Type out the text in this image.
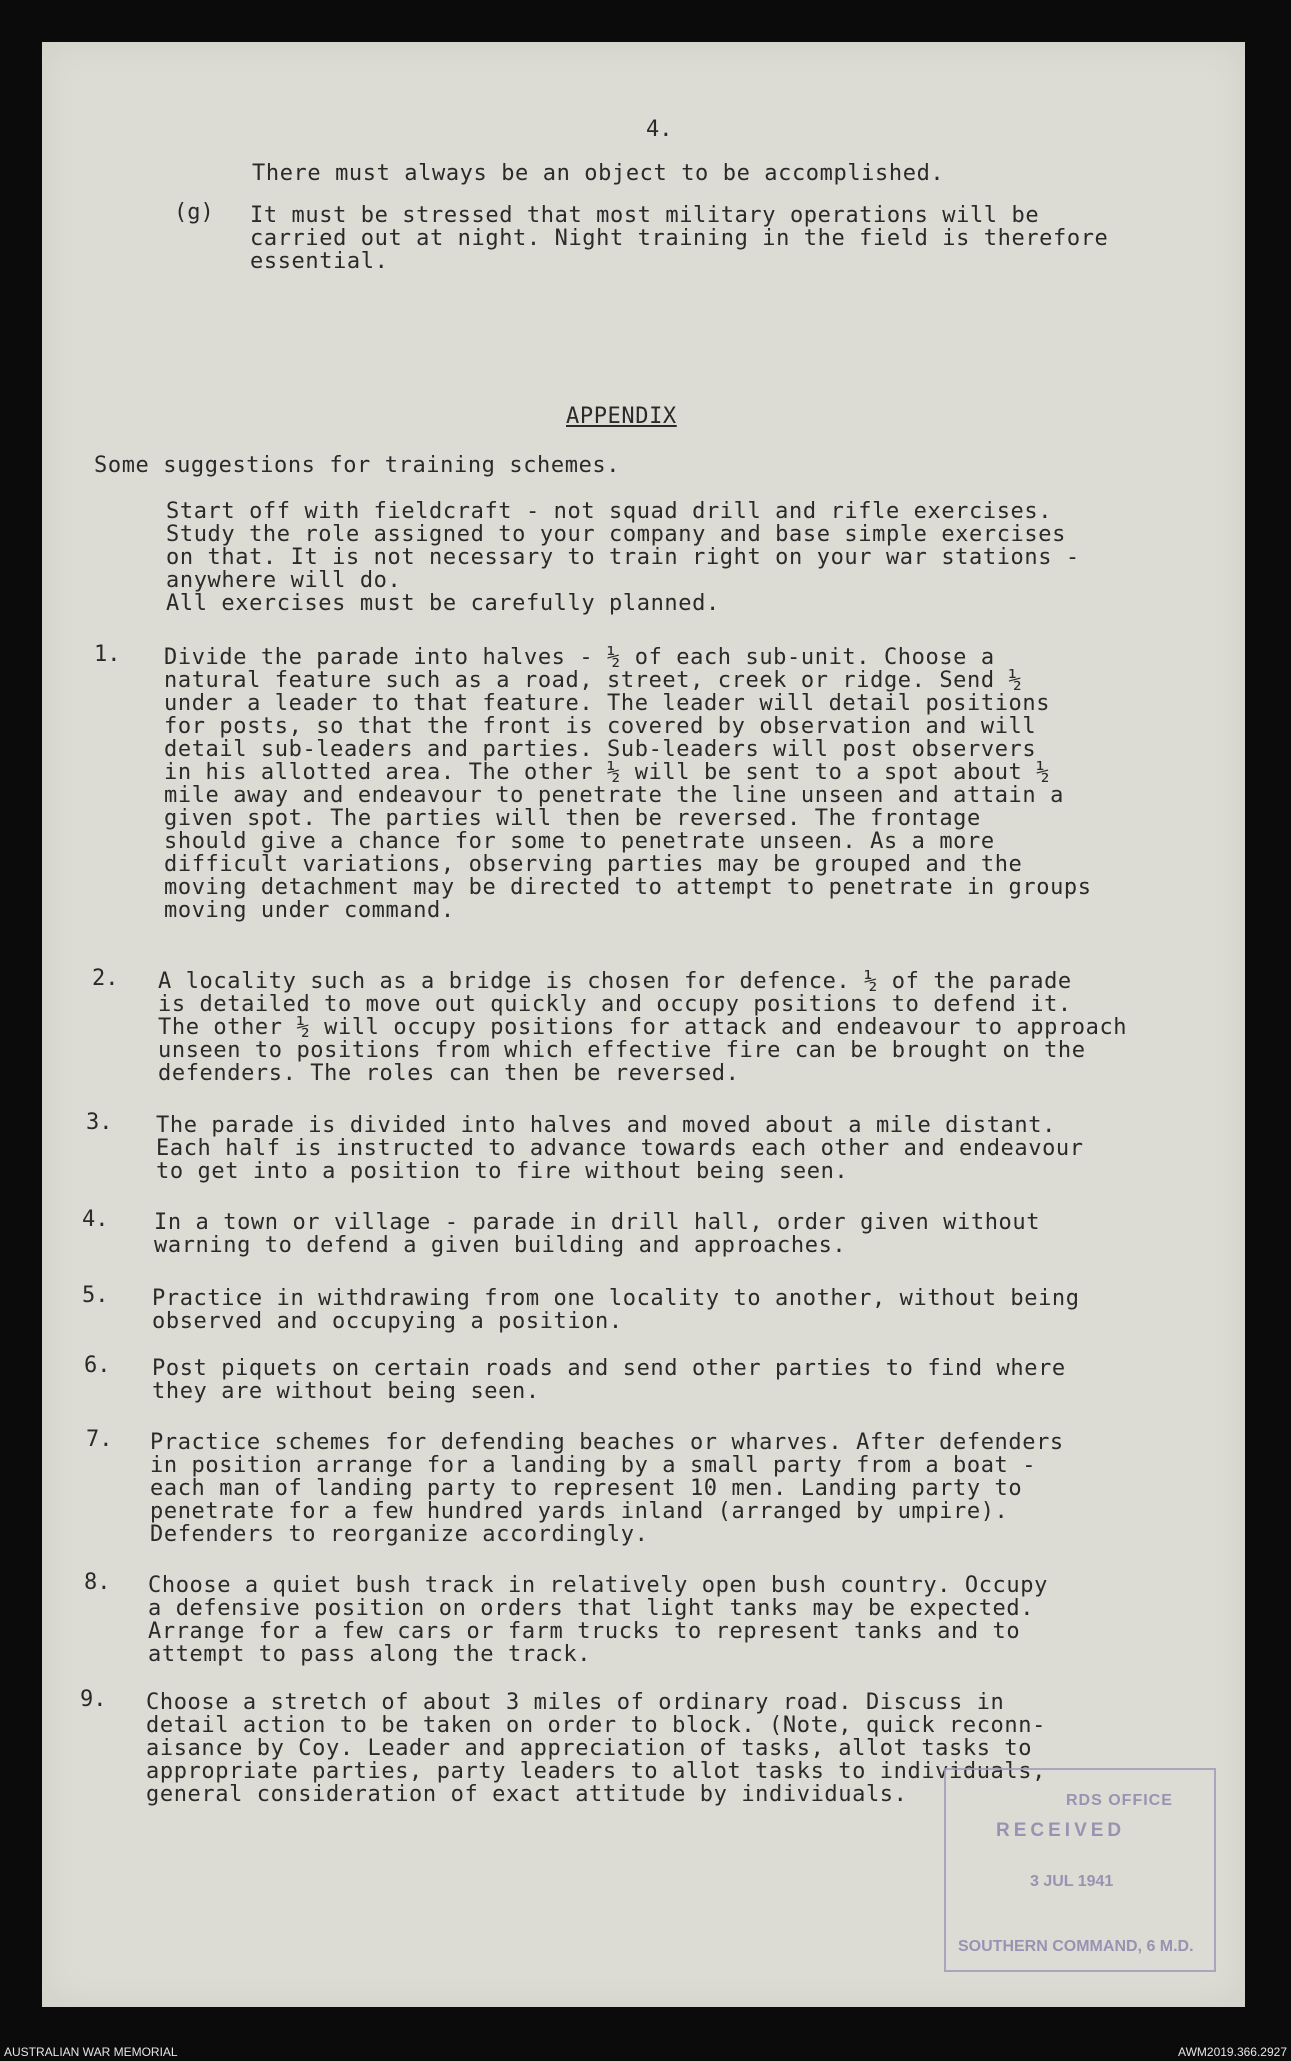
4.
There must always be an object to be accomplished.
(g) It must be stressed that most military operations will be
carried out at night. Night training in the field is therefore
essential.
Some suggestions for training schemes.
Start off with fieldcraft - not squad drill and rifle exercises.
Study the role assigned to your company and base simple exercises
on that. It is not necessary to train right on your war stations -
anywhere will do.
All exercises must be carefully planned.
1. Divide the parade into halves - ½ of each sub-unit. Choose a
natural feature such as a road, street, creek or ridge. Send ½
under a leader to that feature. The leader will detail positions
for posts, so that the front is covered by observation and will
detail sub-leaders and parties. Sub-leaders will post observers
in his allotted area. The other ½ will be sent to a spot about ½
mile away and endeavour to penetrate the line unseen and attain a
given spot. The parties will then be reversed. The frontage
should give a chance for some to penetrate unseen. As a more
difficult variations, observing parties may be grouped and the
moving detachment may be directed to attempt to penetrate in groups
moving under command.
2. A locality such as a bridge is chosen for defence. ½ of the parade
is detailed to move out quickly and occupy positions to defend it.
The other ½ will occupy positions for attack and endeavour to approach
unseen to positions from which effective fire can be brought on the
defenders. The roles can then be reversed.
3. The parade is divided into halves and moved about a mile distant.
Each half is instructed to advance towards each other and endeavour
to get into a position to fire without being seen.
4. In a town or village - parade in drill hall, order given without
warning to defend a given building and approaches.
5. Practice in withdrawing from one locality to another, without being
observed and occupying a position.
6. Post piquets on certain roads and send other parties to find where
they are without being seen.
7. Practice schemes for defending beaches or wharves. After defenders
in position arrange for a landing by a small party from a boat -
each man of landing party to represent 10 men. Landing party to
penetrate for a few hundred yards inland (arranged by umpire).
Defenders to reorganize accordingly.
8. Choose a quiet bush track in relatively open bush country. Occupy
a defensive position on orders that light tanks may be expected.
Arrange for a few cars or farm trucks to represent tanks and to
attempt to pass along the track.
9. Choose a stretch of about 3 miles of ordinary road. Discuss in
detail action to be taken on order to block. (Note, quick reconn-
aisance by Coy. Leader and appreciation of tasks, allot tasks to
appropriate parties, party leaders to allot tasks to individuals,
general consideration of exact attitude by individuals.
APPENDIX
RDS OFFICE
RECEIVED
3 JUL 1941
SOUTHERN COMMAND, 6 M.D.
AUSTRALIAN WAR MEMORIAL	AWM2019.366.2927
